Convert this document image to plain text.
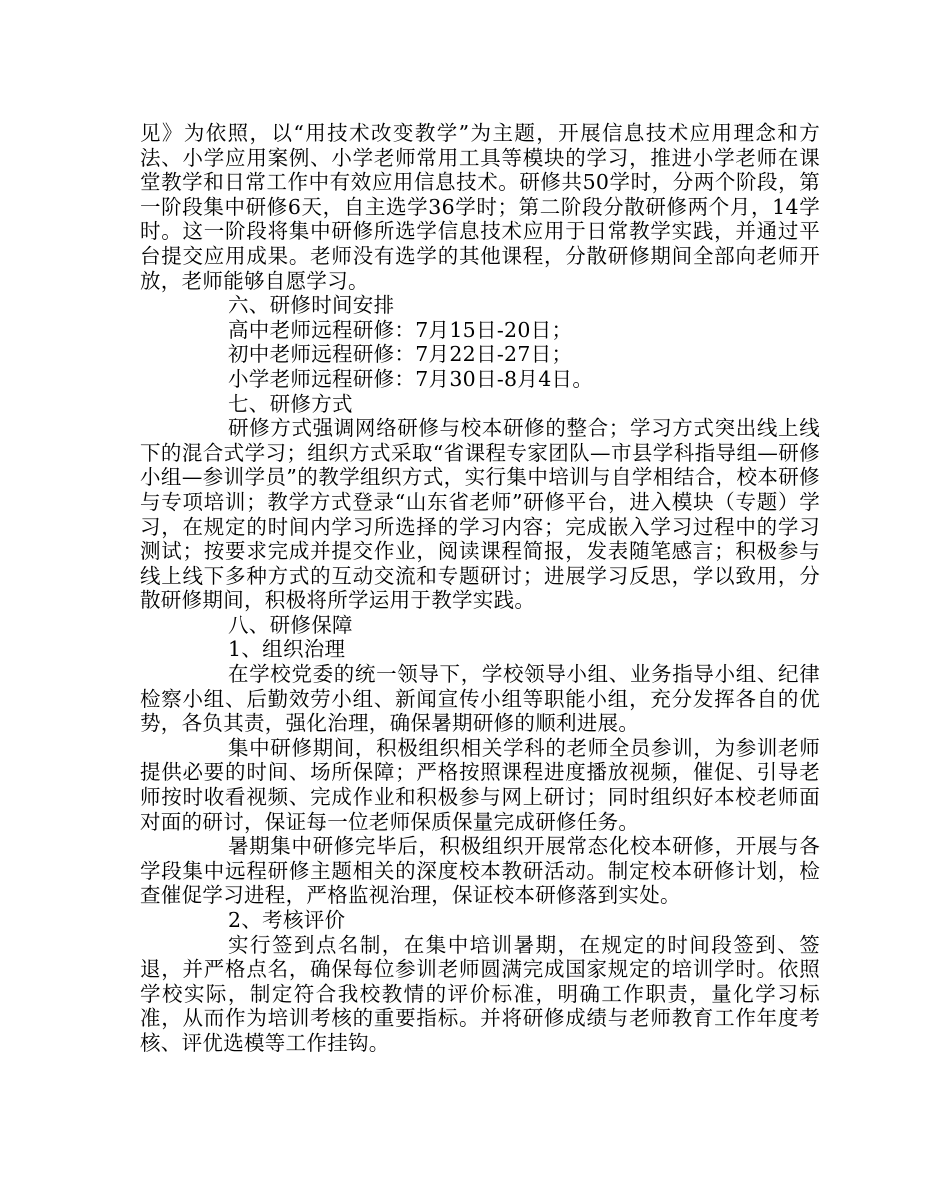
见》为依照，以“用技术改变教学”为主题，开展信息技术应用理念和方法、小学应用案例、小学老师常用工具等模块的学习，推进小学老师在课堂教学和日常工作中有效应用信息技术。研修共50学时，分两个阶段，第一阶段集中研修6天，自主选学36学时；第二阶段分散研修两个月，14学时。这一阶段将集中研修所选学信息技术应用于日常教学实践，并通过平台提交应用成果。老师没有选学的其他课程，分散研修期间全部向老师开放，老师能够自愿学习。

六、研修时间安排

高中老师远程研修：7月15日-20日；

初中老师远程研修：7月22日-27日；

小学老师远程研修：7月30日-8月4日。

七、研修方式

研修方式强调网络研修与校本研修的整合；学习方式突出线上线下的混合式学习；组织方式采取“省课程专家团队—市县学科指导组—研修小组—参训学员”的教学组织方式，实行集中培训与自学相结合，校本研修与专项培训；教学方式登录“山东省老师”研修平台，进入模块（专题）学习，在规定的时间内学习所选择的学习内容；完成嵌入学习过程中的学习测试；按要求完成并提交作业，阅读课程简报，发表随笔感言；积极参与线上线下多种方式的互动交流和专题研讨；进展学习反思，学以致用，分散研修期间，积极将所学运用于教学实践。

八、研修保障

1、组织治理

在学校党委的统一领导下，学校领导小组、业务指导小组、纪律检察小组、后勤效劳小组、新闻宣传小组等职能小组，充分发挥各自的优势，各负其责，强化治理，确保暑期研修的顺利进展。

集中研修期间，积极组织相关学科的老师全员参训，为参训老师提供必要的时间、场所保障；严格按照课程进度播放视频，催促、引导老师按时收看视频、完成作业和积极参与网上研讨；同时组织好本校老师面对面的研讨，保证每一位老师保质保量完成研修任务。

暑期集中研修完毕后，积极组织开展常态化校本研修，开展与各学段集中远程研修主题相关的深度校本教研活动。制定校本研修计划，检查催促学习进程，严格监视治理，保证校本研修落到实处。

2、考核评价

实行签到点名制，在集中培训暑期，在规定的时间段签到、签退，并严格点名，确保每位参训老师圆满完成国家规定的培训学时。依照学校实际，制定符合我校教情的评价标准，明确工作职责，量化学习标准，从而作为培训考核的重要指标。并将研修成绩与老师教育工作年度考核、评优选模等工作挂钩。
